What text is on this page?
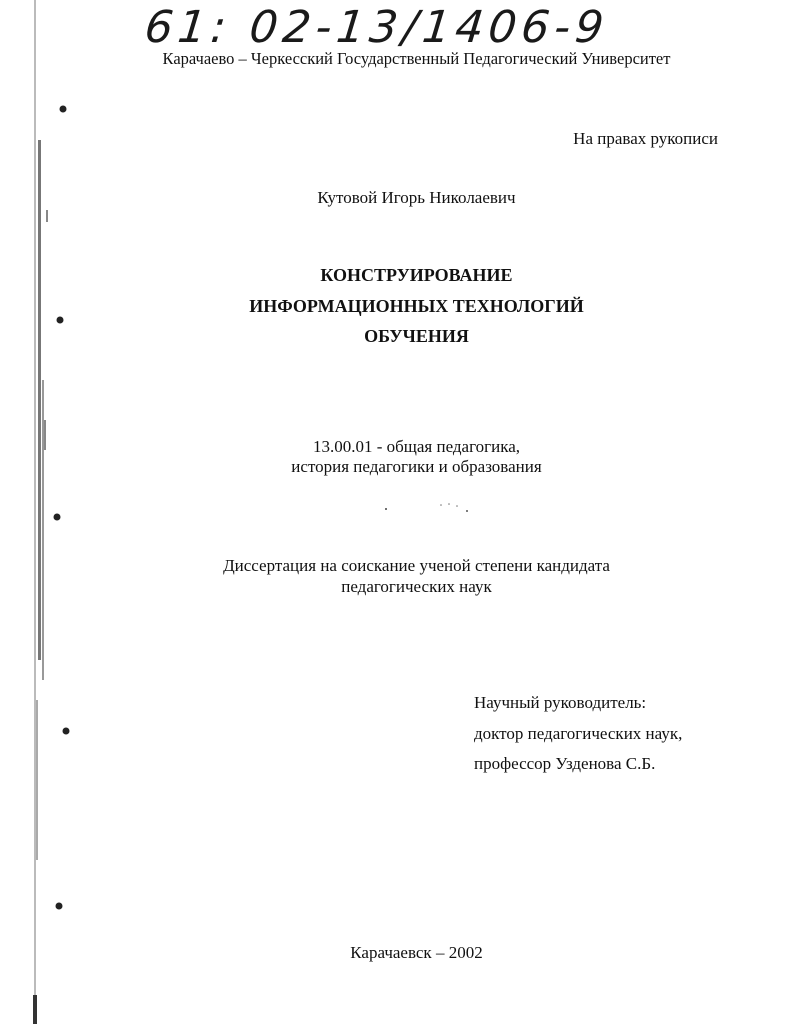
61: 02-13/1406-9
Карачаево – Черкесский Государственный Педагогический Университет
На правах рукописи
Кутовой Игорь Николаевич
КОНСТРУИРОВАНИЕ
ИНФОРМАЦИОННЫХ ТЕХНОЛОГИЙ
ОБУЧЕНИЯ
13.00.01 - общая педагогика,
история педагогики и образования
Диссертация на соискание ученой степени кандидата
педагогических наук
Научный руководитель:
доктор педагогических наук,
профессор Узденова С.Б.
Карачаевск – 2002
